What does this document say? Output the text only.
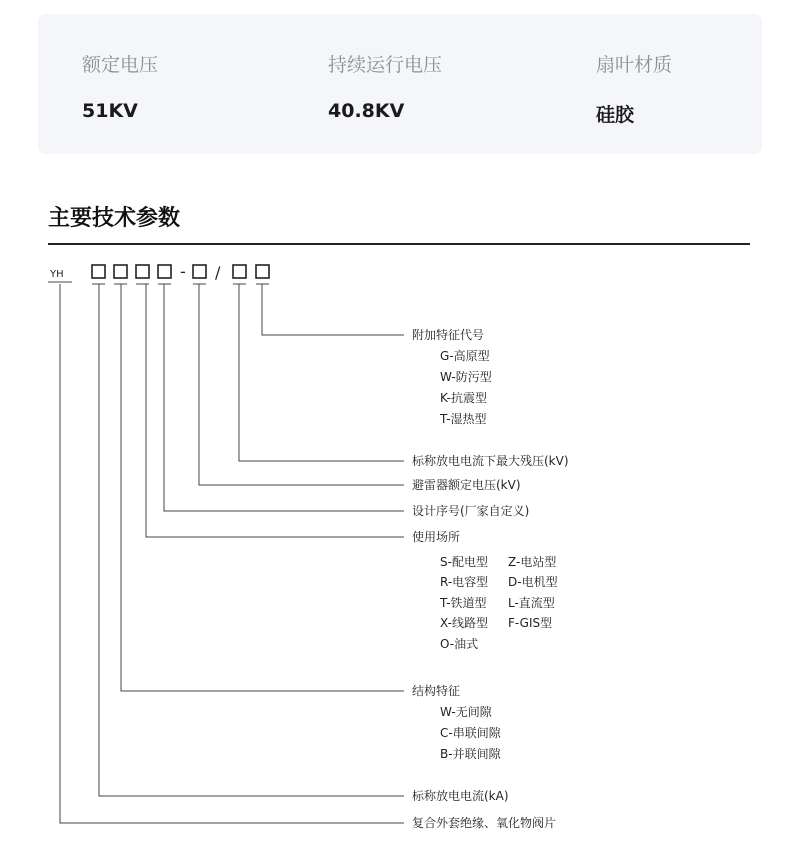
额定电压
51KV
持续运行电压
40.8KV
扇叶材质
硅胶
主要技术参数
YH	- /
附加特征代号
G-高原型
W-防污型
K-抗震型
T-湿热型
标称放电电流下最大残压(kV)
避雷器额定电压(kV)
设计序号(厂家自定义)
使用场所
S-配电型 Z-电站型
R-电容型 D-电机型
T-铁道型 L-直流型
X-线路型 F-GIS型
O-油式
结构特征
W-无间隙
C-串联间隙
B-并联间隙
标称放电电流(kA)
复合外套绝缘、氧化物阀片
